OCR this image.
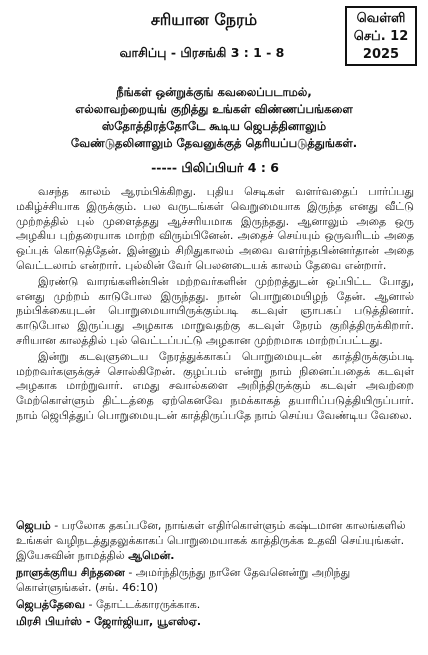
சரியான நேரம்
வாசிப்பு - பிரசங்கி 3 : 1 - 8
வெள்ளி
செப். 12
2025
நீங்கள் ஒன்றுக்குங் கவலைப்படாமல்,
எல்லாவற்றையுங் குறித்து உங்கள் விண்ணப்பங்களை
ஸ்தோத்திரத்தோடே கூடிய ஜெபத்தினாலும்
வேண்டுதலினாலும் தேவனுக்குத் தெரியப்படுத்துங்கள்.
----- பிலிப்பியர் 4 : 6

வசந்த காலம் ஆரம்பிக்கிறது. புதிய செடிகள் வளர்வதைப் பார்ப்பது மகிழ்ச்சியாக இருக்கும். பல வருடங்கள் வெறுமையாக இருந்த எனது வீட்டு முற்றத்தில் புல் முளைத்தது ஆச்சரியமாக இருந்தது. ஆனாலும் அதை ஒரு அழகிய புற்தரையாக மாற்ற விரும்பினேன். அதைச் செய்யும் ஒருவரிடம் அதை ஒப்புக் கொடுத்தேன். இன்னும் சிறிதுகாலம் அவை வளர்ந்தபின்னர்தான் அதை வெட்டலாம் என்றார். புல்லின் வேர் பெலனடையக் காலம் தேவை என்றார்.

இரண்டு வாரங்களின்பின் மற்றவர்களின் முற்றத்துடன் ஒப்பிட்ட போது, எனது முற்றம் காடுபோல இருந்தது. நான் பொறுமையிழந் தேன். ஆனால் நம்பிக்கையுடன் பொறுமையாயிருக்கும்படி கடவுள் ஞாபகப் படுத்தினார். காடுபோல இருப்பது அழகாக மாறுவதற்கு கடவுள் நேரம் குறித்திருக்கிறார். சரியான காலத்தில் புல் வெட்டப்பட்டு அழகான முற்றமாக மாற்றப்பட்டது.

இன்று கடவுளுடைய நேரத்துக்காகப் பொறுமையுடன் காத்திருக்கும்படி மற்றவர்களுக்குச் சொல்கிறேன். குழப்பம் என்று நாம் நினைப்பதைக் கடவுள் அழகாக மாற்றுவார். எமது சவால்களை அறிந்திருக்கும் கடவுள் அவற்றை மேற்கொள்ளும் திட்டத்தை ஏற்கெனவே நமக்காகத் தயாரிப்படுத்தியிருப்பார். நாம் ஜெபித்துப் பொறுமையுடன் காத்திருப்பதே நாம் செய்ய வேண்டிய வேலை.

ஜெபம் - பரலோக தகப்பனே, நாங்கள் எதிர்கொள்ளும் கஷ்டமான காலங்களில் உங்கள் வழிநடத்துதலுக்காகப் பொறுமையாகக் காத்திருக்க உதவி செய்யுங்கள். இயேசுவின் நாமத்தில் ஆமென்.

நாளுக்குரிய சிந்தனை - அமர்ந்திருந்து நானே தேவனென்று அறிந்து கொள்ளுங்கள். (சங். 46:10)

ஜெபத்தேவை - தோட்டக்காரருக்காக.

மிரசி பியர்ஸ் - ஜோர்ஜியா, யூஎஸ்ஏ.
